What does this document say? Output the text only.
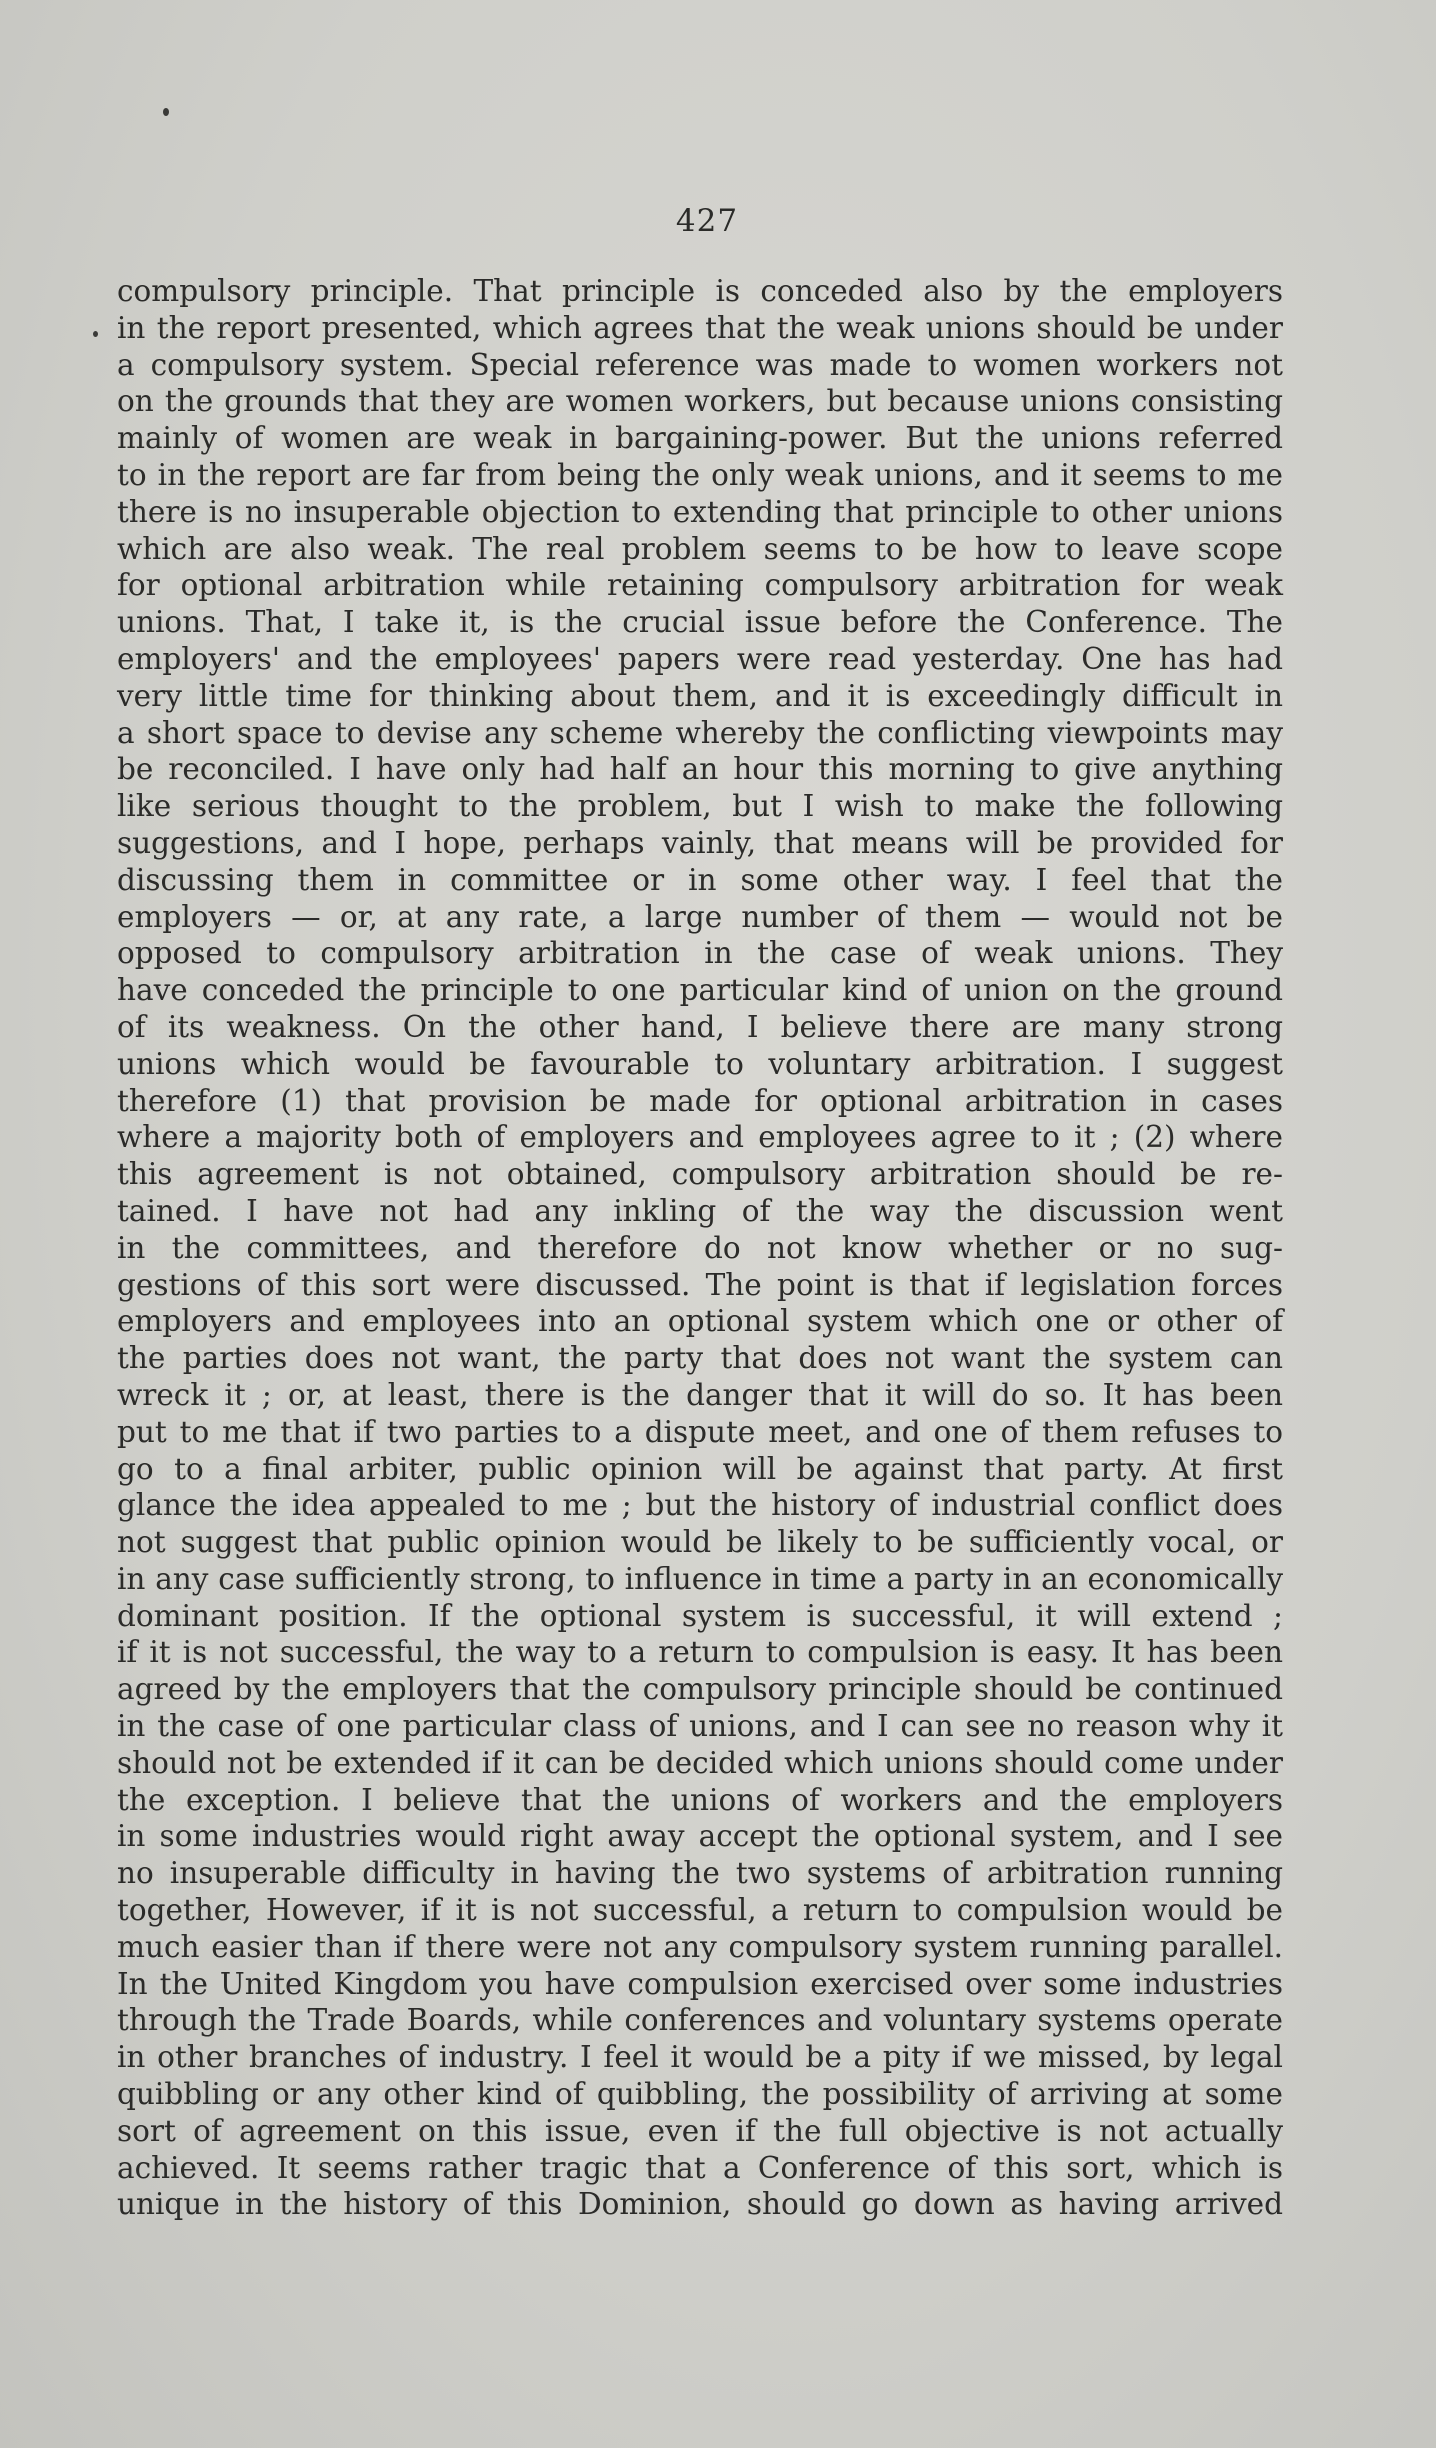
427
compulsory principle. That principle is conceded also by the employers
in the report presented, which agrees that the weak unions should be under
a compulsory system. Special reference was made to women workers not
on the grounds that they are women workers, but because unions consisting
mainly of women are weak in bargaining-power. But the unions referred
to in the report are far from being the only weak unions, and it seems to me
there is no insuperable objection to extending that principle to other unions
which are also weak. The real problem seems to be how to leave scope
for optional arbitration while retaining compulsory arbitration for weak
unions. That, I take it, is the crucial issue before the Conference. The
employers' and the employees' papers were read yesterday. One has had
very little time for thinking about them, and it is exceedingly difficult in
a short space to devise any scheme whereby the conflicting viewpoints may
be reconciled. I have only had half an hour this morning to give anything
like serious thought to the problem, but I wish to make the following
suggestions, and I hope, perhaps vainly, that means will be provided for
discussing them in committee or in some other way. I feel that the
employers — or, at any rate, a large number of them — would not be
opposed to compulsory arbitration in the case of weak unions. They
have conceded the principle to one particular kind of union on the ground
of its weakness. On the other hand, I believe there are many strong
unions which would be favourable to voluntary arbitration. I suggest
therefore (1) that provision be made for optional arbitration in cases
where a majority both of employers and employees agree to it ; (2) where
this agreement is not obtained, compulsory arbitration should be re-
tained. I have not had any inkling of the way the discussion went
in the committees, and therefore do not know whether or no sug-
gestions of this sort were discussed. The point is that if legislation forces
employers and employees into an optional system which one or other of
the parties does not want, the party that does not want the system can
wreck it ; or, at least, there is the danger that it will do so. It has been
put to me that if two parties to a dispute meet, and one of them refuses to
go to a final arbiter, public opinion will be against that party. At first
glance the idea appealed to me ; but the history of industrial conflict does
not suggest that public opinion would be likely to be sufficiently vocal, or
in any case sufficiently strong, to influence in time a party in an economically
dominant position. If the optional system is successful, it will extend ;
if it is not successful, the way to a return to compulsion is easy. It has been
agreed by the employers that the compulsory principle should be continued
in the case of one particular class of unions, and I can see no reason why it
should not be extended if it can be decided which unions should come under
the exception. I believe that the unions of workers and the employers
in some industries would right away accept the optional system, and I see
no insuperable difficulty in having the two systems of arbitration running
together, However, if it is not successful, a return to compulsion would be
much easier than if there were not any compulsory system running parallel.
In the United Kingdom you have compulsion exercised over some industries
through the Trade Boards, while conferences and voluntary systems operate
in other branches of industry. I feel it would be a pity if we missed, by legal
quibbling or any other kind of quibbling, the possibility of arriving at some
sort of agreement on this issue, even if the full objective is not actually
achieved. It seems rather tragic that a Conference of this sort, which is
unique in the history of this Dominion, should go down as having arrived
